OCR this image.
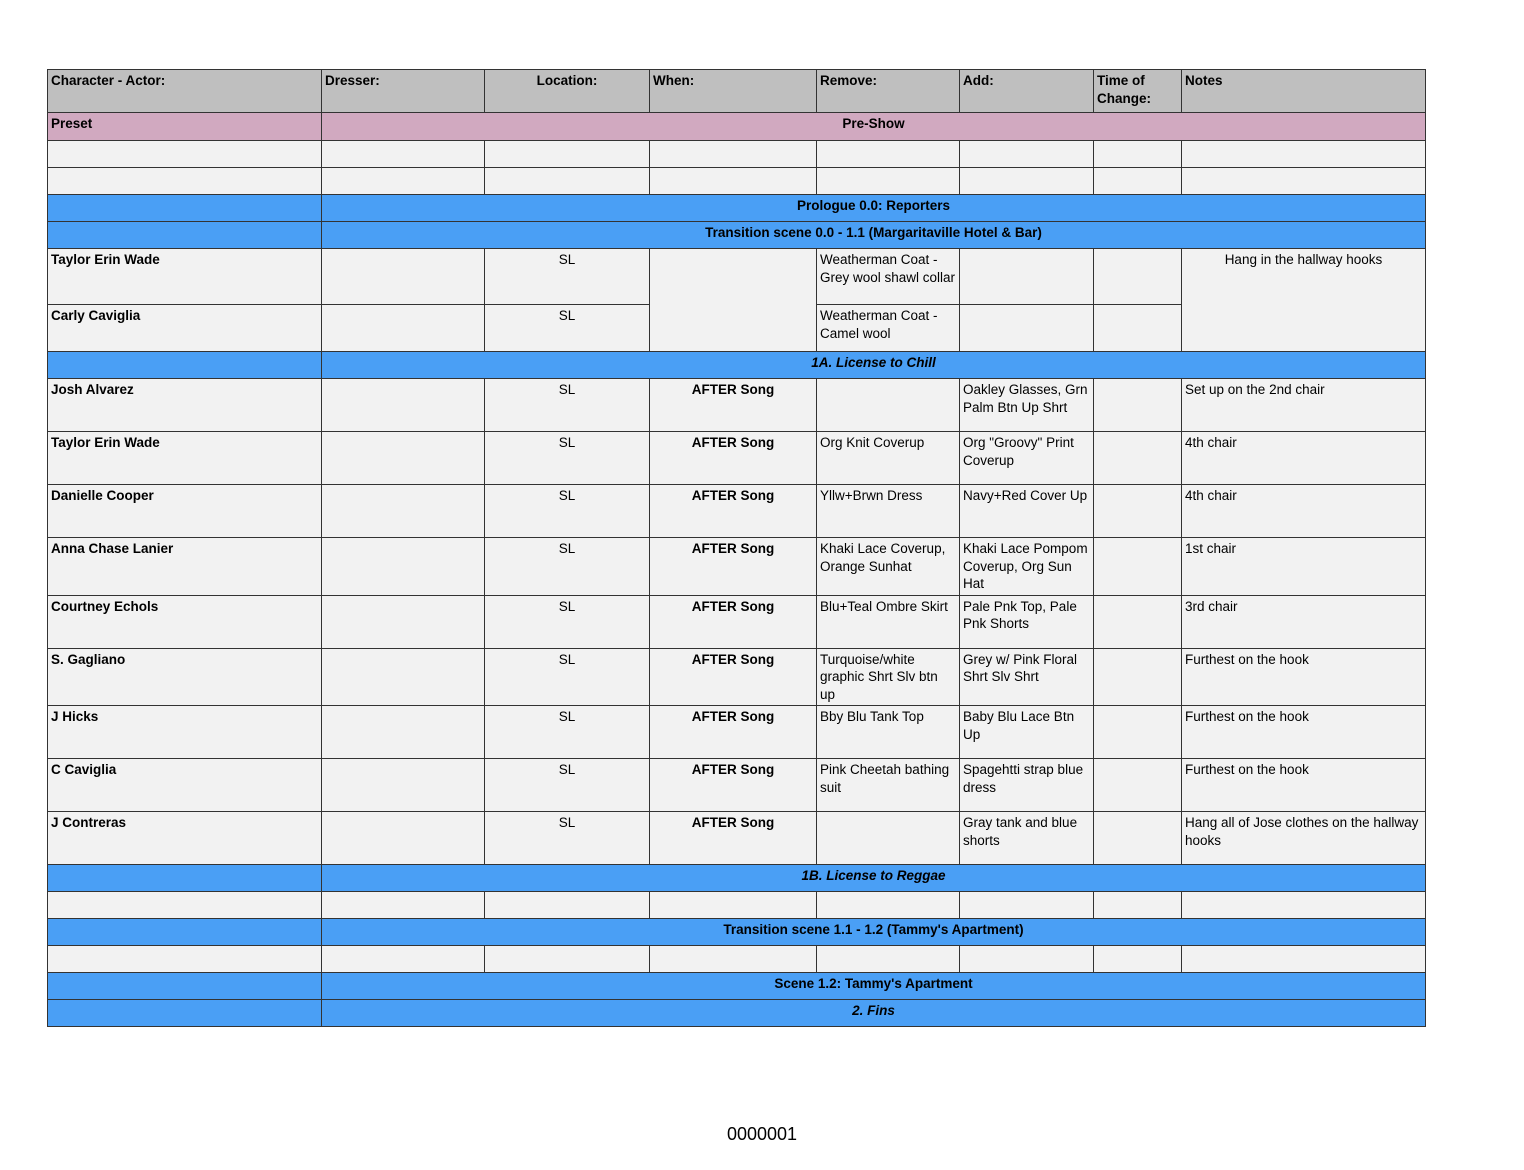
Character - Actor:	Dresser:	Location:	When:	Remove:	Add:	Time of Change:	Notes
Preset	Pre-Show						

	Prologue 0.0: Reporters						
	Transition scene 0.0 - 1.1 (Margaritaville Hotel & Bar)						
Taylor Erin Wade		SL		Weatherman Coat - Grey wool shawl collar			Hang in the hallway hooks
Carly Caviglia		SL		Weatherman Coat - Camel wool			
	1A. License to Chill						
Josh Alvarez		SL	AFTER Song		Oakley Glasses, Grn Palm Btn Up Shrt		Set up on the 2nd chair
Taylor Erin Wade		SL	AFTER Song	Org Knit Coverup	Org "Groovy" Print Coverup		4th chair
Danielle Cooper		SL	AFTER Song	Yllw+Brwn Dress	Navy+Red Cover Up		4th chair
Anna Chase Lanier		SL	AFTER Song	Khaki Lace Coverup, Orange Sunhat	Khaki Lace Pompom Coverup, Org Sun Hat		1st chair
Courtney Echols		SL	AFTER Song	Blu+Teal Ombre Skirt	Pale Pnk Top, Pale Pnk Shorts		3rd chair
S. Gagliano		SL	AFTER Song	Turquoise/white graphic Shrt Slv btn up	Grey w/ Pink Floral Shrt Slv Shrt		Furthest on the hook
J Hicks		SL	AFTER Song	Bby Blu Tank Top	Baby Blu Lace Btn Up		Furthest on the hook
C Caviglia		SL	AFTER Song	Pink Cheetah bathing suit	Spagehtti strap blue dress		Furthest on the hook
J Contreras		SL	AFTER Song		Gray tank and blue shorts		Hang all of Jose clothes on the hallway hooks
	1B. License to Reggae						

	Transition scene 1.1 - 1.2 (Tammy's Apartment)						

	Scene 1.2: Tammy's Apartment						
	2. Fins						
0000001
